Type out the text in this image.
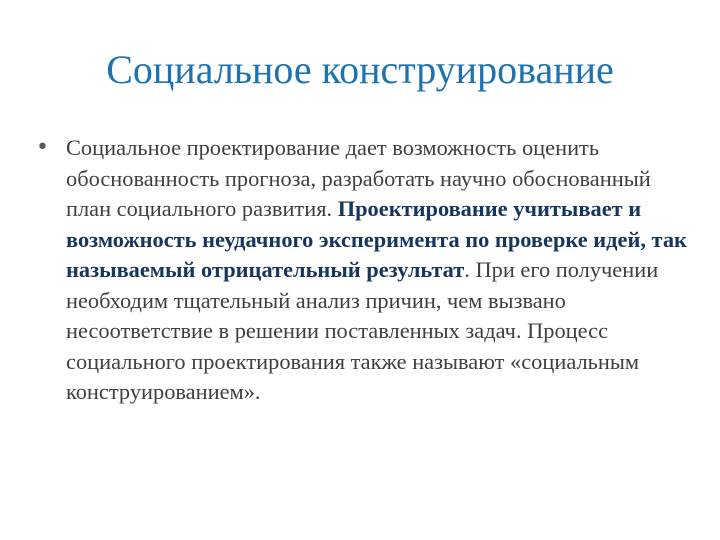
Социальное конструирование
• Социальное проектирование дает возможность оценить обоснованность прогноза, разработать научно обоснованный план социального развития. Проектирование учитывает и возможность неудачного эксперимента по проверке идей, так называемый отрицательный результат. При его получении необходим тщательный анализ причин, чем вызвано несоответствие в решении поставленных задач. Процесс социального проектирования также называют «социальным конструированием».
